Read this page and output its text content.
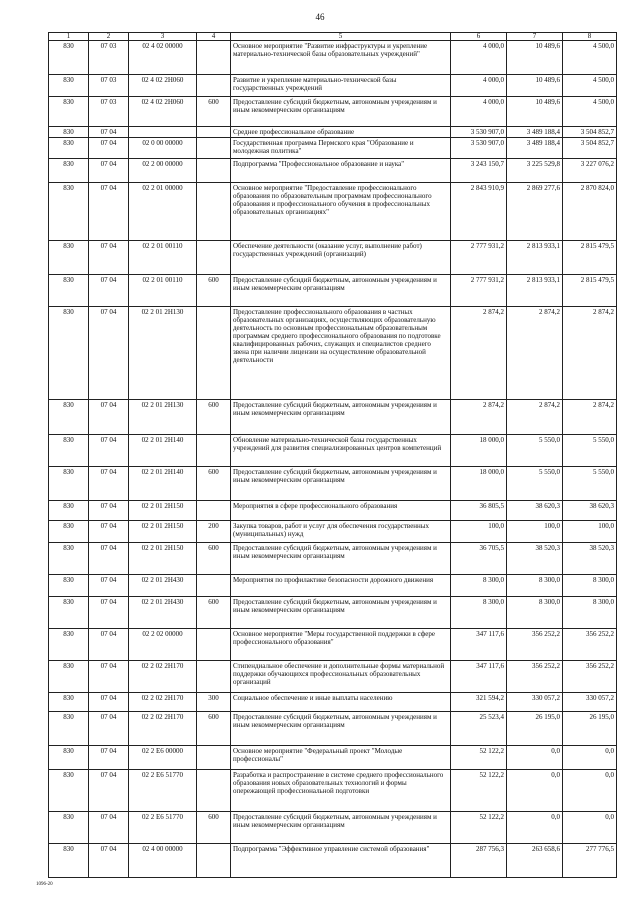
46
1	2	3	4	5	6	7	8
830	07 03	02 4 02 00000		Основное мероприятие "Развитие инфраструктуры и укрепление материально-технической базы образовательных учреждений"	4 000,0	10 489,6	4 500,0
830	07 03	02 4 02 2Н060		Развитие и укрепление материально-технической базы государственных учреждений	4 000,0	10 489,6	4 500,0
830	07 03	02 4 02 2Н060	600	Предоставление субсидий бюджетным, автономным учреждениям и иным некоммерческим организациям	4 000,0	10 489,6	4 500,0
830	07 04			Среднее профессиональное образование	3 530 907,0	3 489 188,4	3 504 852,7
830	07 04	02 0 00 00000		Государственная программа Пермского края "Образование и молодежная политика"	3 530 907,0	3 489 188,4	3 504 852,7
830	07 04	02 2 00 00000		Подпрограмма "Профессиональное образование и наука"	3 243 150,7	3 225 529,8	3 227 076,2
830	07 04	02 2 01 00000		Основное мероприятие "Предоставление профессионального образования по образовательным программам профессионального образования и профессионального обучения в профессиональных образовательных организациях"	2 843 910,9	2 869 277,6	2 870 824,0
830	07 04	02 2 01 00110		Обеспечение деятельности (оказание услуг, выполнение работ) государственных учреждений (организаций)	2 777 931,2	2 813 933,1	2 815 479,5
830	07 04	02 2 01 00110	600	Предоставление субсидий бюджетным, автономным учреждениям и иным некоммерческим организациям	2 777 931,2	2 813 933,1	2 815 479,5
830	07 04	02 2 01 2Н130		Предоставление профессионального образования в частных образовательных организациях, осуществляющих образовательную деятельность по основным профессиональным образовательным программам среднего профессионального образования по подготовке квалифицированных рабочих, служащих и специалистов среднего звена при наличии лицензии на осуществление образовательной деятельности	2 874,2	2 874,2	2 874,2
830	07 04	02 2 01 2Н130	600	Предоставление субсидий бюджетным, автономным учреждениям и иным некоммерческим организациям	2 874,2	2 874,2	2 874,2
830	07 04	02 2 01 2Н140		Обновление материально-технической базы государственных учреждений для развития специализированных центров компетенций	18 000,0	5 550,0	5 550,0
830	07 04	02 2 01 2Н140	600	Предоставление субсидий бюджетным, автономным учреждениям и иным некоммерческим организациям	18 000,0	5 550,0	5 550,0
830	07 04	02 2 01 2Н150		Мероприятия в сфере профессионального образования	36 805,5	38 620,3	38 620,3
830	07 04	02 2 01 2Н150	200	Закупка товаров, работ и услуг для обеспечения государственных (муниципальных) нужд	100,0	100,0	100,0
830	07 04	02 2 01 2Н150	600	Предоставление субсидий бюджетным, автономным учреждениям и иным некоммерческим организациям	36 705,5	38 520,3	38 520,3
830	07 04	02 2 01 2Н430		Мероприятия по профилактике безопасности дорожного движения	8 300,0	8 300,0	8 300,0
830	07 04	02 2 01 2Н430	600	Предоставление субсидий бюджетным, автономным учреждениям и иным некоммерческим организациям	8 300,0	8 300,0	8 300,0
830	07 04	02 2 02 00000		Основное мероприятие "Меры государственной поддержки в сфере профессионального образования"	347 117,6	356 252,2	356 252,2
830	07 04	02 2 02 2Н170		Стипендиальное обеспечение и дополнительные формы материальной поддержки обучающихся профессиональных образовательных организаций	347 117,6	356 252,2	356 252,2
830	07 04	02 2 02 2Н170	300	Социальное обеспечение и иные выплаты населению	321 594,2	330 057,2	330 057,2
830	07 04	02 2 02 2Н170	600	Предоставление субсидий бюджетным, автономным учреждениям и иным некоммерческим организациям	25 523,4	26 195,0	26 195,0
830	07 04	02 2 Е6 00000		Основное мероприятие "Федеральный проект "Молодые профессионалы"	52 122,2	0,0	0,0
830	07 04	02 2 Е6 51770		Разработка и распространение в системе среднего профессионального образования новых образовательных технологий и формы опережающей профессиональной подготовки	52 122,2	0,0	0,0
830	07 04	02 2 Е6 51770	600	Предоставление субсидий бюджетным, автономным учреждениям и иным некоммерческим организациям	52 122,2	0,0	0,0
830	07 04	02 4 00 00000		Подпрограмма "Эффективное управление системой образования"	287 756,3	263 658,6	277 776,5
1096-20
